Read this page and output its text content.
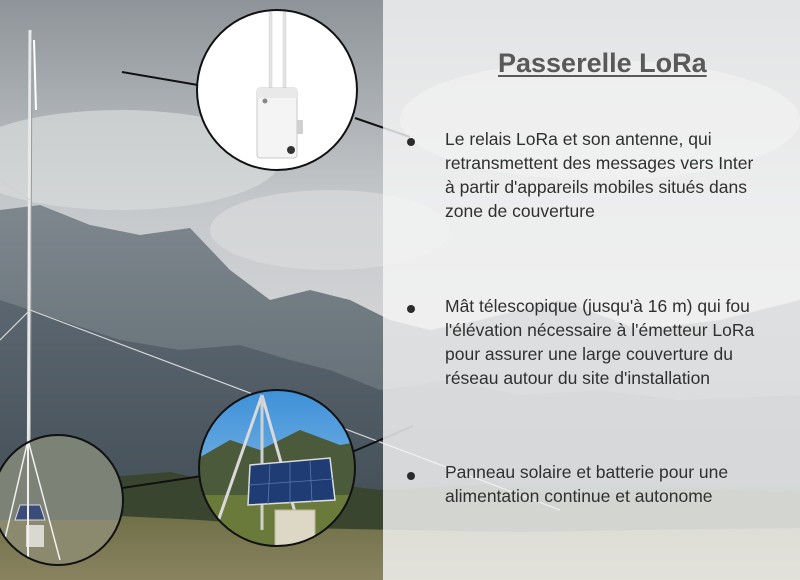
Passerelle LoRa
Le relais LoRa et son antenne, qui
retransmettent des messages vers Inter
à partir d'appareils mobiles situés dans
zone de couverture
Mât télescopique (jusqu'à 16 m) qui fou
l'élévation nécessaire à l'émetteur LoRa
pour assurer une large couverture du
réseau autour du site d'installation
Panneau solaire et batterie pour une
alimentation continue et autonome
